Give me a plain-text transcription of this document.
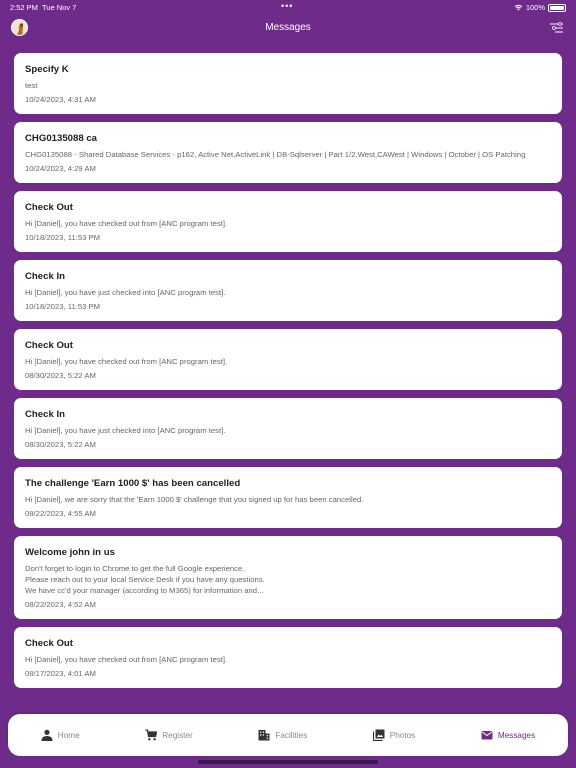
2:52 PM Tue Nov 7	•••	100%
Messages
Specify K
test
10/24/2023, 4:31 AM
CHG0135088 ca
CHG0135088 - Shared Database Services - p162, Active Net,ActiveLink | DB-Sqlserver | Part 1/2,West,CAWest | Windows | October | OS Patching
10/24/2023, 4:29 AM
Check Out
Hi [Daniel], you have checked out from [ANC program test].
10/18/2023, 11:53 PM
Check In
Hi [Daniel], you have just checked into [ANC program test].
10/18/2023, 11:53 PM
Check Out
Hi [Daniel], you have checked out from [ANC program test].
08/30/2023, 5:22 AM
Check In
Hi [Daniel], you have just checked into [ANC program test].
08/30/2023, 5:22 AM
The challenge 'Earn 1000 $' has been cancelled
Hi [Daniel], we are sorry that the 'Earn 1000 $' challenge that you signed up for has been cancelled.
08/22/2023, 4:55 AM
Welcome john in us
Don't forget to login to Chrome to get the full Google experience.
Please reach out to your local Service Desk if you have any questions.
We have cc'd your manager (according to M365) for information and...
08/22/2023, 4:52 AM
Check Out
Hi [Daniel], you have checked out from [ANC program test].
08/17/2023, 4:01 AM
Home	Register	Facilities	Photos	Messages
